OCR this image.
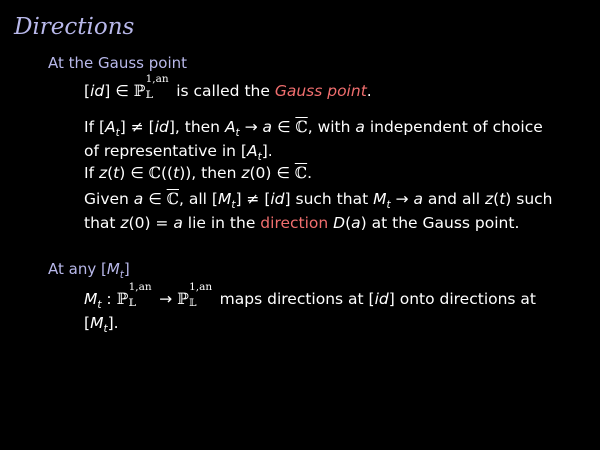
Directions
At the Gauss point
[id] ∈ ℙ
1,an
𝕃 is called the Gauss point.
If $[A_t] \ne [id]$, then $A_t \to a$ ∈ ℂ, with a independent of choice
of representative in $[A_t]$.
If z(t) ∈ ℂ((t)), then z(0) ∈ ℂ.
Given a ∈ ℂ, all $[M_t] \ne [id]$ such that $M_t \to a$ and all z(t) such
that z(0) = a lie in the direction D(a) at the Gauss point.
At any $[M_t]$
$M_t$ : ℙ
1,an
𝕃 → ℙ
1,an
𝕃 maps directions at [id] onto directions at
$[M_t]$.
